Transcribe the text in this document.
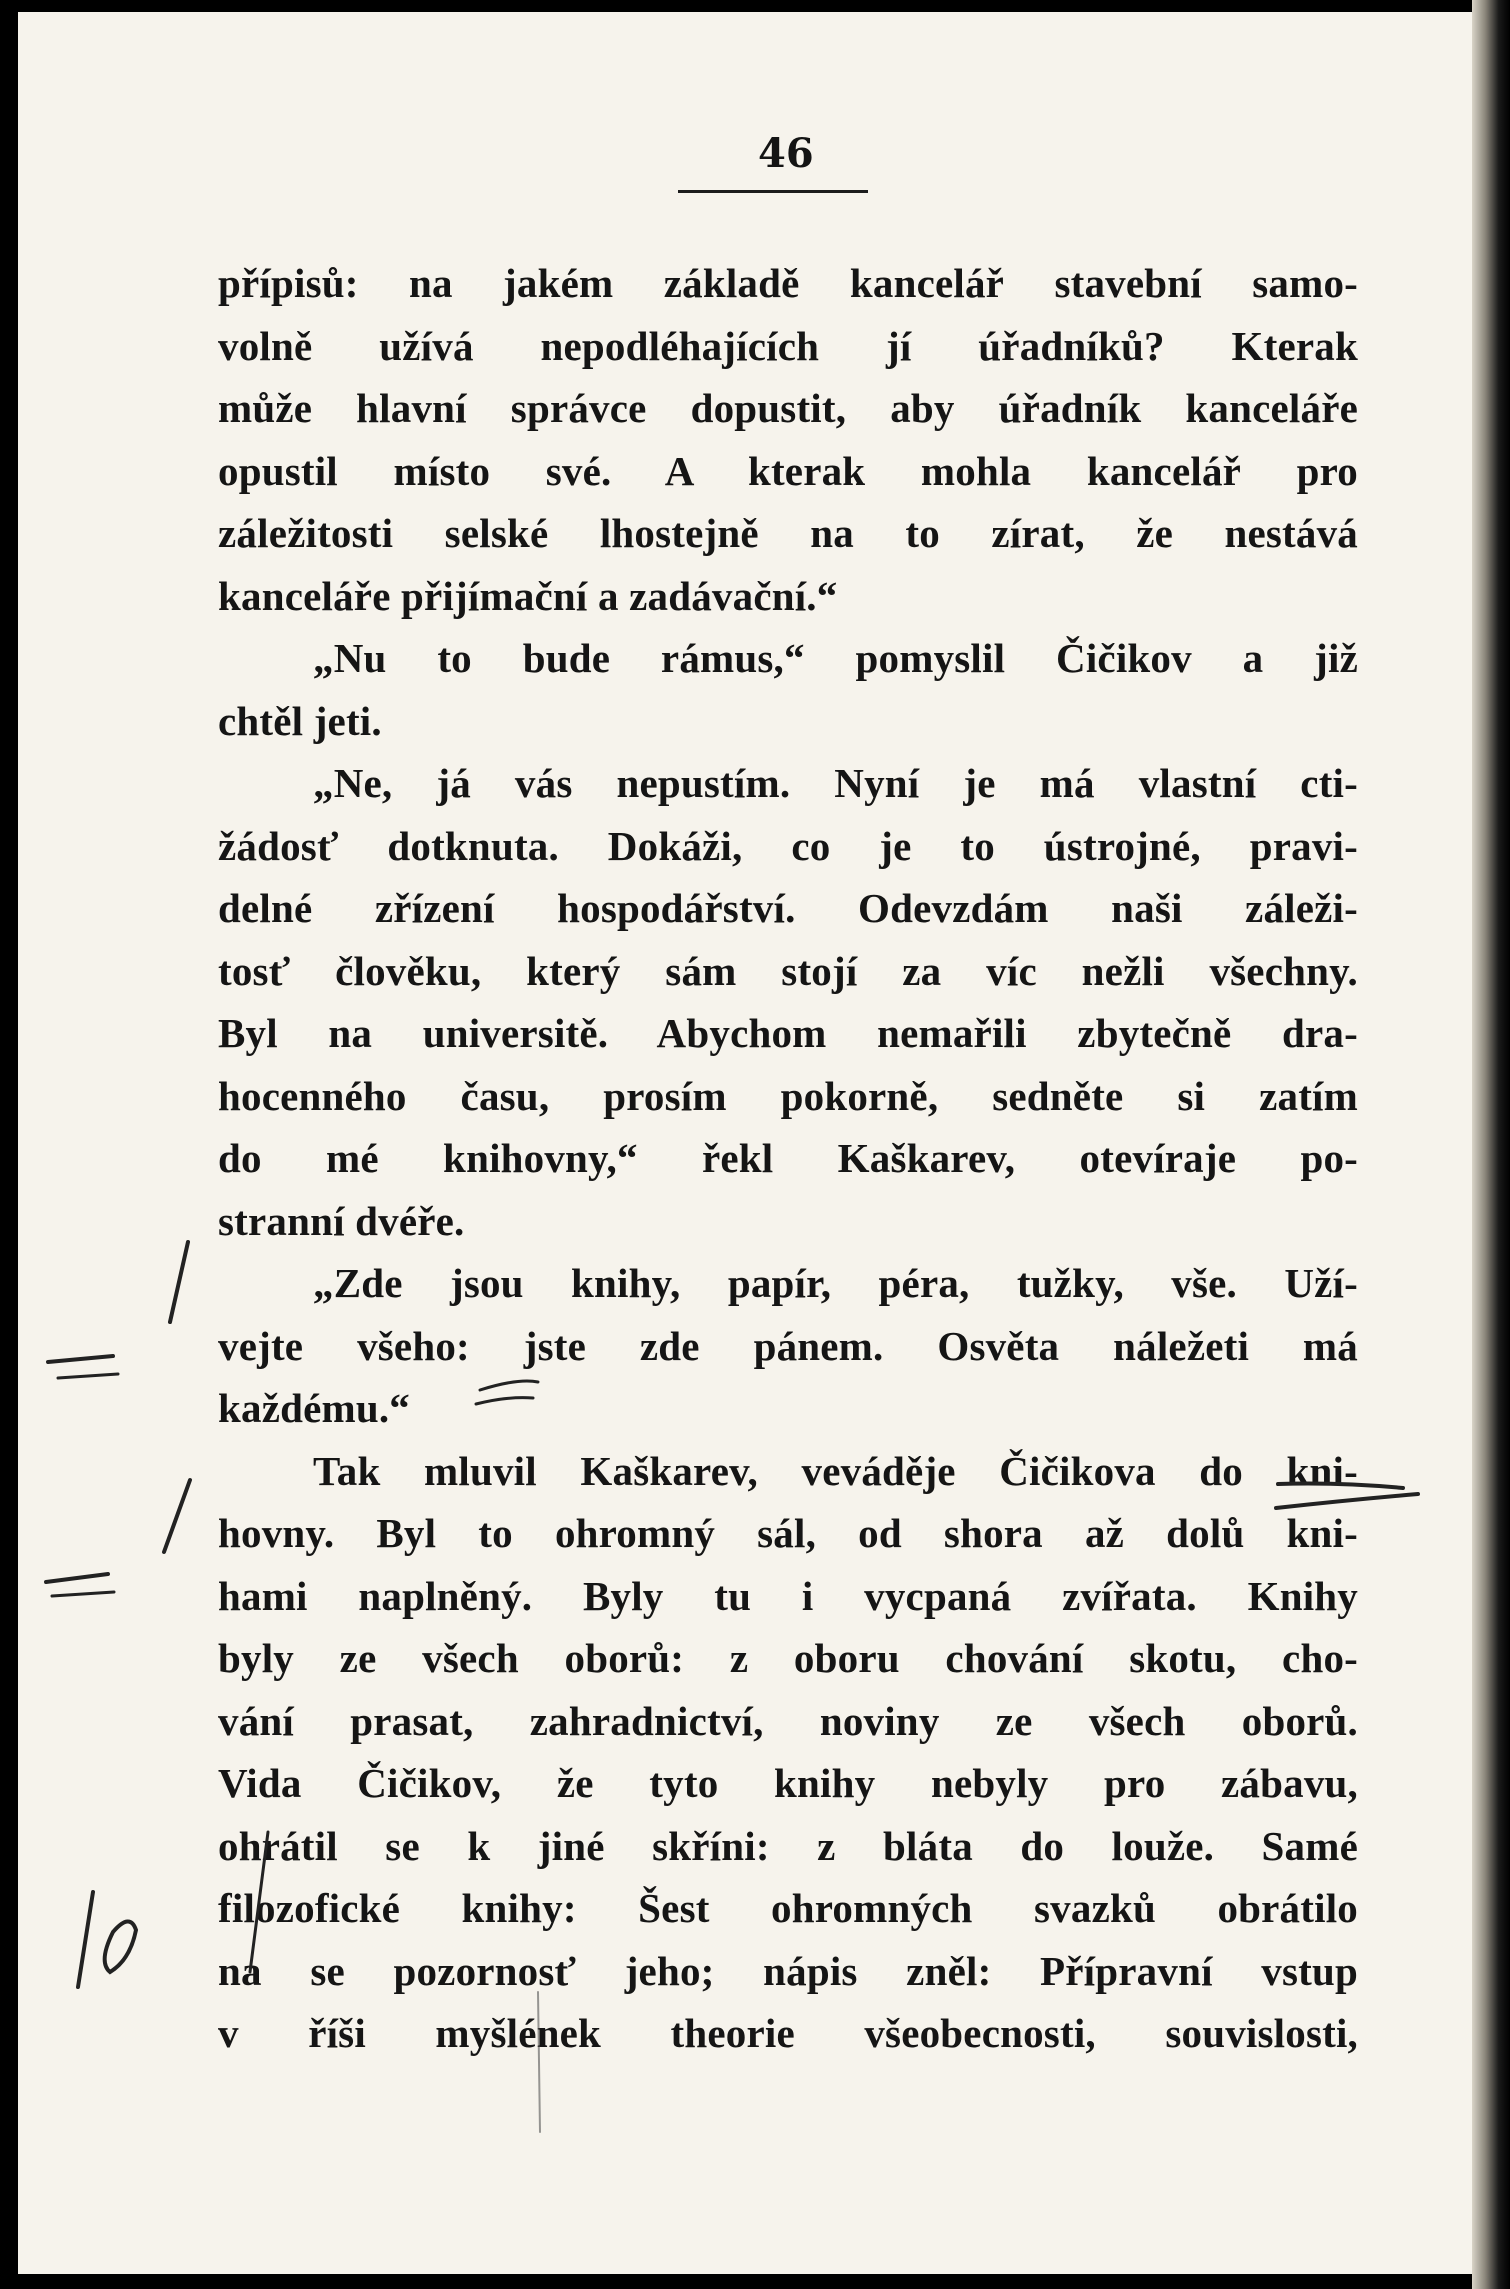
46
přípisů: na jakém základě kancelář stavební samo-
volně užívá nepodléhajících jí úřadníků? Kterak
může hlavní správce dopustit, aby úřadník kanceláře
opustil místo své. A kterak mohla kancelář pro
záležitosti selské lhostejně na to zírat, že nestává
kanceláře přijímační a zadávační.“
„Nu to bude rámus,“ pomyslil Čičikov a již
chtěl jeti.
„Ne, já vás nepustím. Nyní je má vlastní cti-
žádosť dotknuta. Dokáži, co je to ústrojné, pravi-
delné zřízení hospodářství. Odevzdám naši záleži-
tosť člověku, který sám stojí za víc nežli všechny.
Byl na universitě. Abychom nemařili zbytečně dra-
hocenného času, prosím pokorně, sedněte si zatím
do mé knihovny,“ řekl Kaškarev, otevíraje po-
stranní dvéře.
„Zde jsou knihy, papír, péra, tužky, vše. Uží-
vejte všeho: jste zde pánem. Osvěta náležeti má
každému.“
Tak mluvil Kaškarev, veváděje Čičikova do kni-
hovny. Byl to ohromný sál, od shora až dolů kni-
hami naplněný. Byly tu i vycpaná zvířata. Knihy
byly ze všech oborů: z oboru chování skotu, cho-
vání prasat, zahradnictví, noviny ze všech oborů.
Vida Čičikov, že tyto knihy nebyly pro zábavu,
ohrátil se k jiné skříni: z bláta do louže. Samé
filozofické knihy: Šest ohromných svazků obrátilo
na se pozornosť jeho; nápis zněl: Přípravní vstup
v říši myšlének theorie všeobecnosti, souvislosti,
